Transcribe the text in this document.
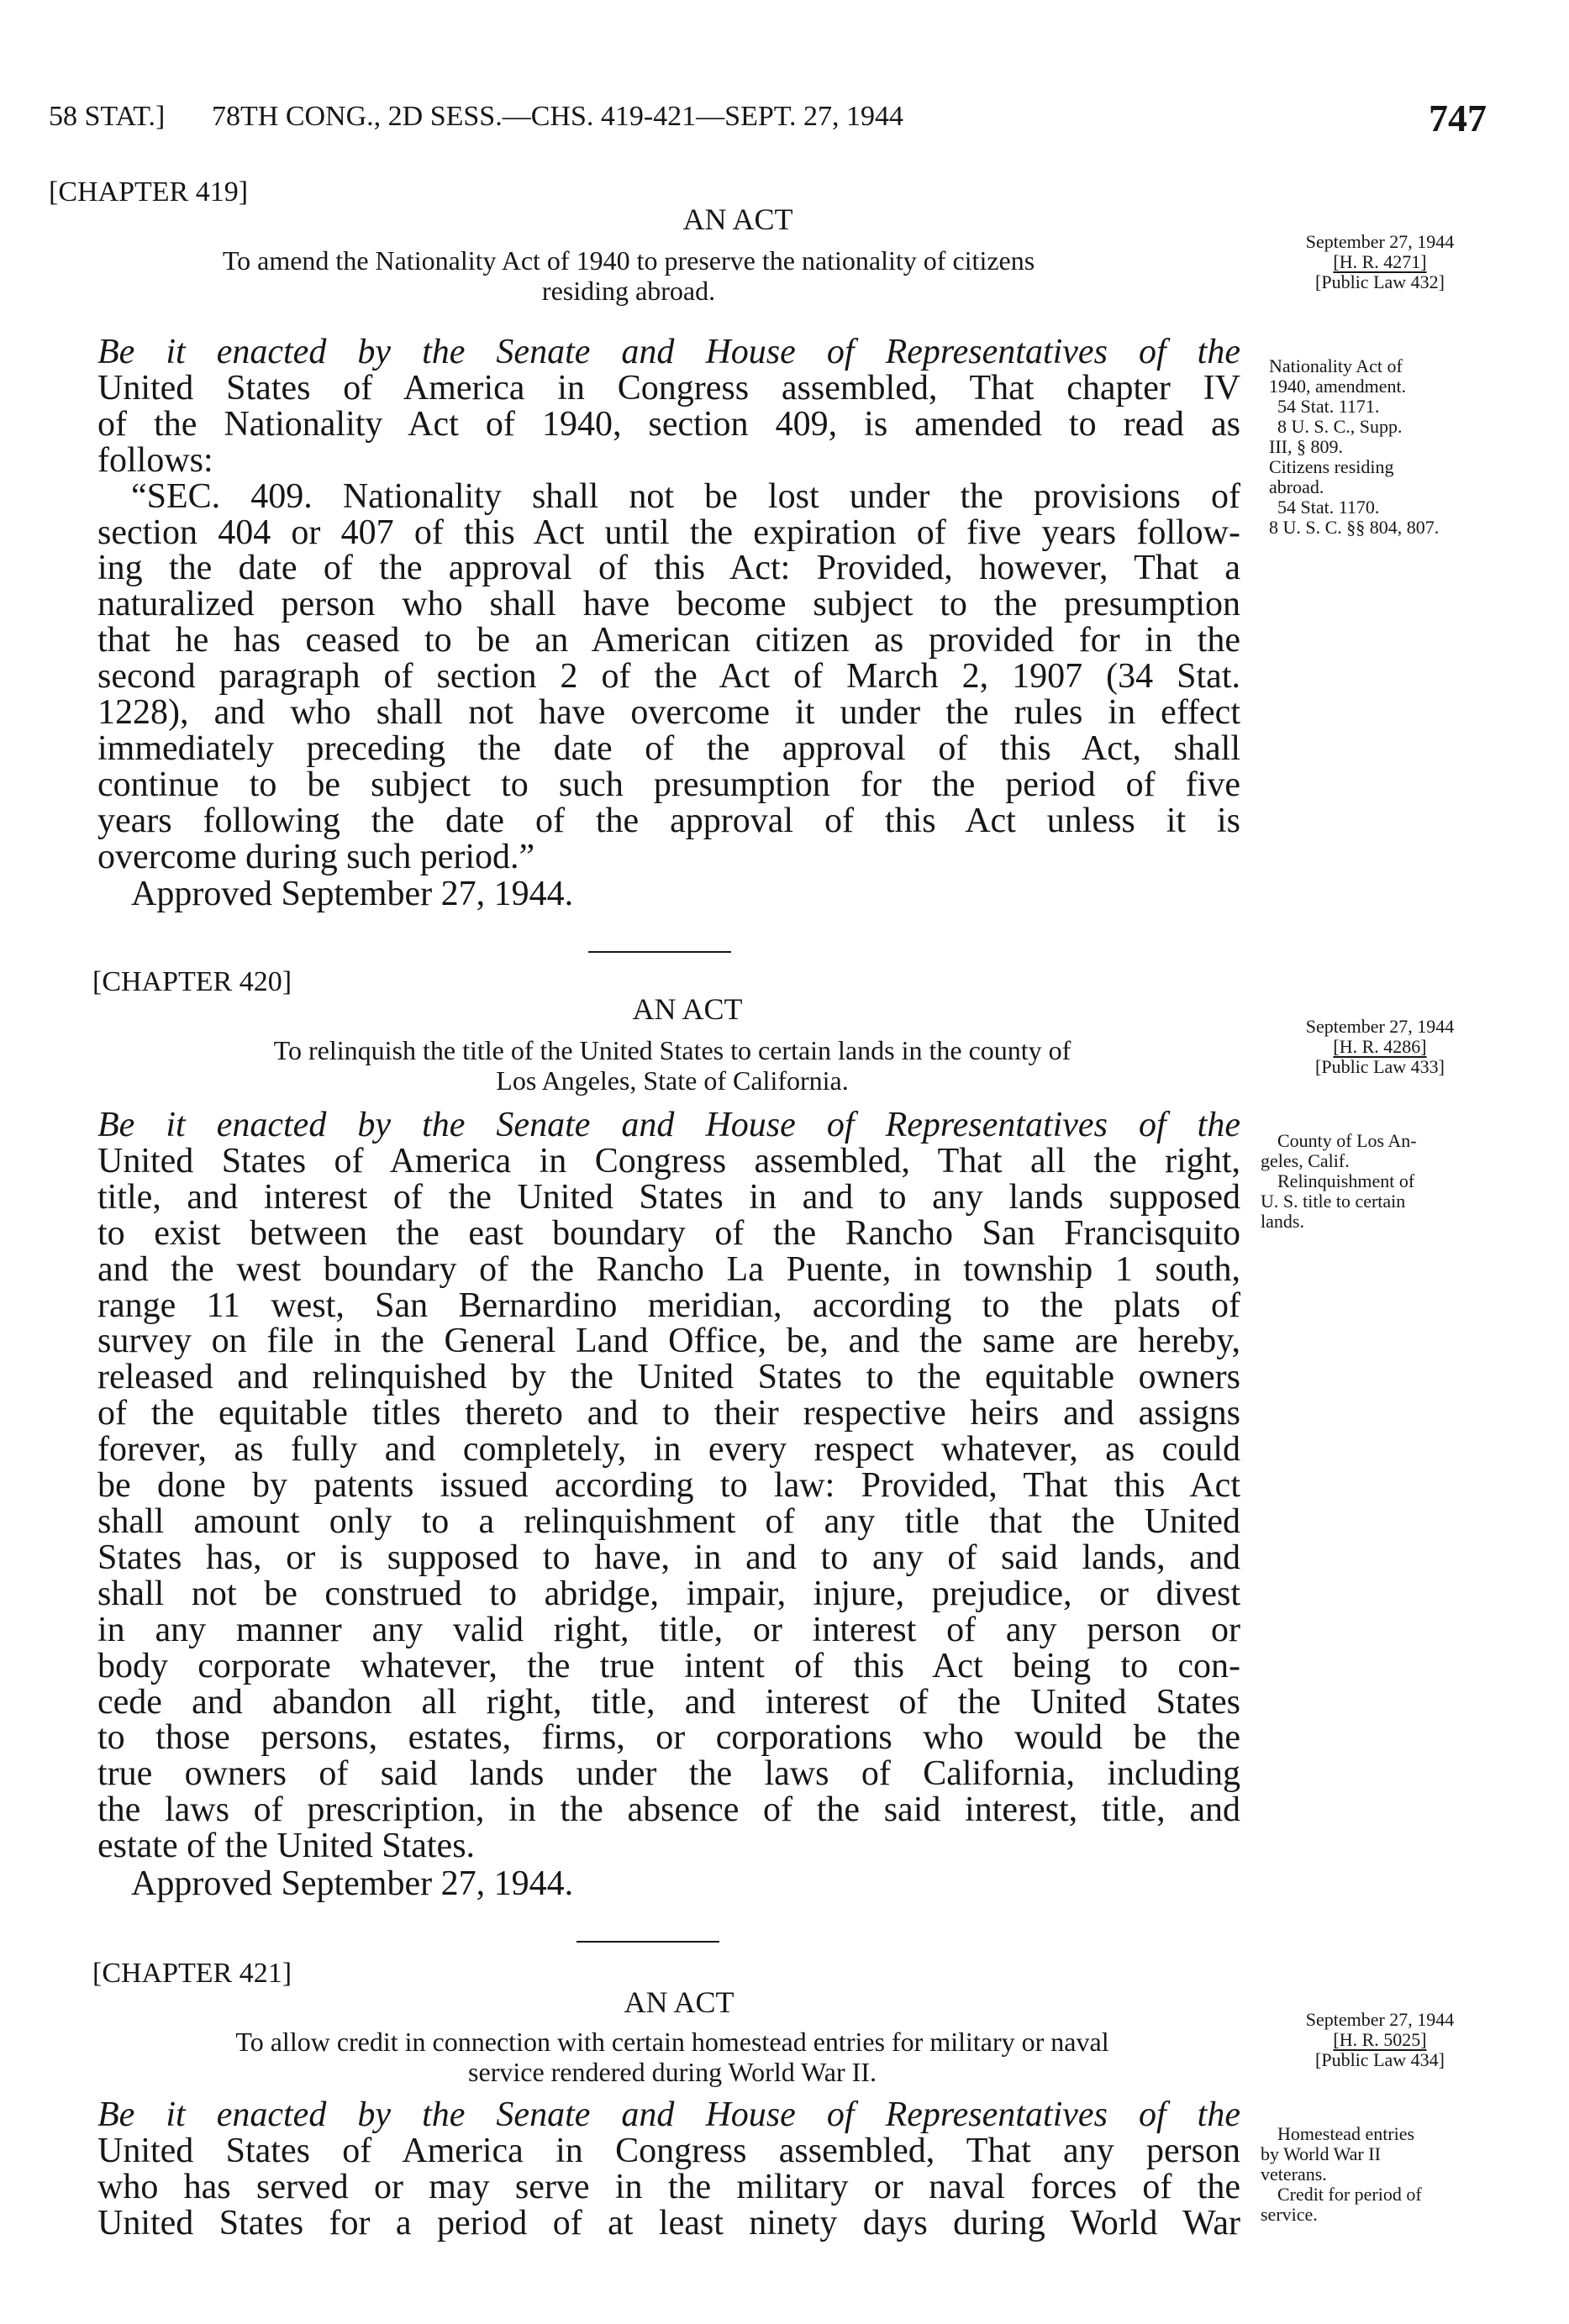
58 STAT.] 78TH CONG., 2D SESS.—CHS. 419-421—SEPT. 27, 1944	747
[CHAPTER 419]
AN ACT
To amend the Nationality Act of 1940 to preserve the nationality of citizens
residing abroad.
September 27, 1944
[H. R. 4271]
[Public Law 432]
Be it enacted by the Senate and House of Representatives of the
United States of America in Congress assembled, That chapter IV
of the Nationality Act of 1940, section 409, is amended to read as
follows:
“SEC. 409. Nationality shall not be lost under the provisions of
section 404 or 407 of this Act until the expiration of five years follow-
ing the date of the approval of this Act: Provided, however, That a
naturalized person who shall have become subject to the presumption
that he has ceased to be an American citizen as provided for in the
second paragraph of section 2 of the Act of March 2, 1907 (34 Stat.
1228), and who shall not have overcome it under the rules in effect
immediately preceding the date of the approval of this Act, shall
continue to be subject to such presumption for the period of five
years following the date of the approval of this Act unless it is
overcome during such period.”
Approved September 27, 1944.
Nationality Act of
1940, amendment.
54 Stat. 1171.
8 U. S. C., Supp.
III, § 809.
Citizens residing
abroad.
54 Stat. 1170.
8 U. S. C. §§ 804, 807.
[CHAPTER 420]
AN ACT
To relinquish the title of the United States to certain lands in the county of
Los Angeles, State of California.
September 27, 1944
[H. R. 4286]
[Public Law 433]
Be it enacted by the Senate and House of Representatives of the
United States of America in Congress assembled, That all the right,
title, and interest of the United States in and to any lands supposed
to exist between the east boundary of the Rancho San Francisquito
and the west boundary of the Rancho La Puente, in township 1 south,
range 11 west, San Bernardino meridian, according to the plats of
survey on file in the General Land Office, be, and the same are hereby,
released and relinquished by the United States to the equitable owners
of the equitable titles thereto and to their respective heirs and assigns
forever, as fully and completely, in every respect whatever, as could
be done by patents issued according to law: Provided, That this Act
shall amount only to a relinquishment of any title that the United
States has, or is supposed to have, in and to any of said lands, and
shall not be construed to abridge, impair, injure, prejudice, or divest
in any manner any valid right, title, or interest of any person or
body corporate whatever, the true intent of this Act being to con-
cede and abandon all right, title, and interest of the United States
to those persons, estates, firms, or corporations who would be the
true owners of said lands under the laws of California, including
the laws of prescription, in the absence of the said interest, title, and
estate of the United States.
Approved September 27, 1944.
County of Los An-
geles, Calif.
Relinquishment of
U. S. title to certain
lands.
[CHAPTER 421]
AN ACT
To allow credit in connection with certain homestead entries for military or naval
service rendered during World War II.
September 27, 1944
[H. R. 5025]
[Public Law 434]
Be it enacted by the Senate and House of Representatives of the
United States of America in Congress assembled, That any person
who has served or may serve in the military or naval forces of the
United States for a period of at least ninety days during World War
Homestead entries
by World War II
veterans.
Credit for period of
service.
